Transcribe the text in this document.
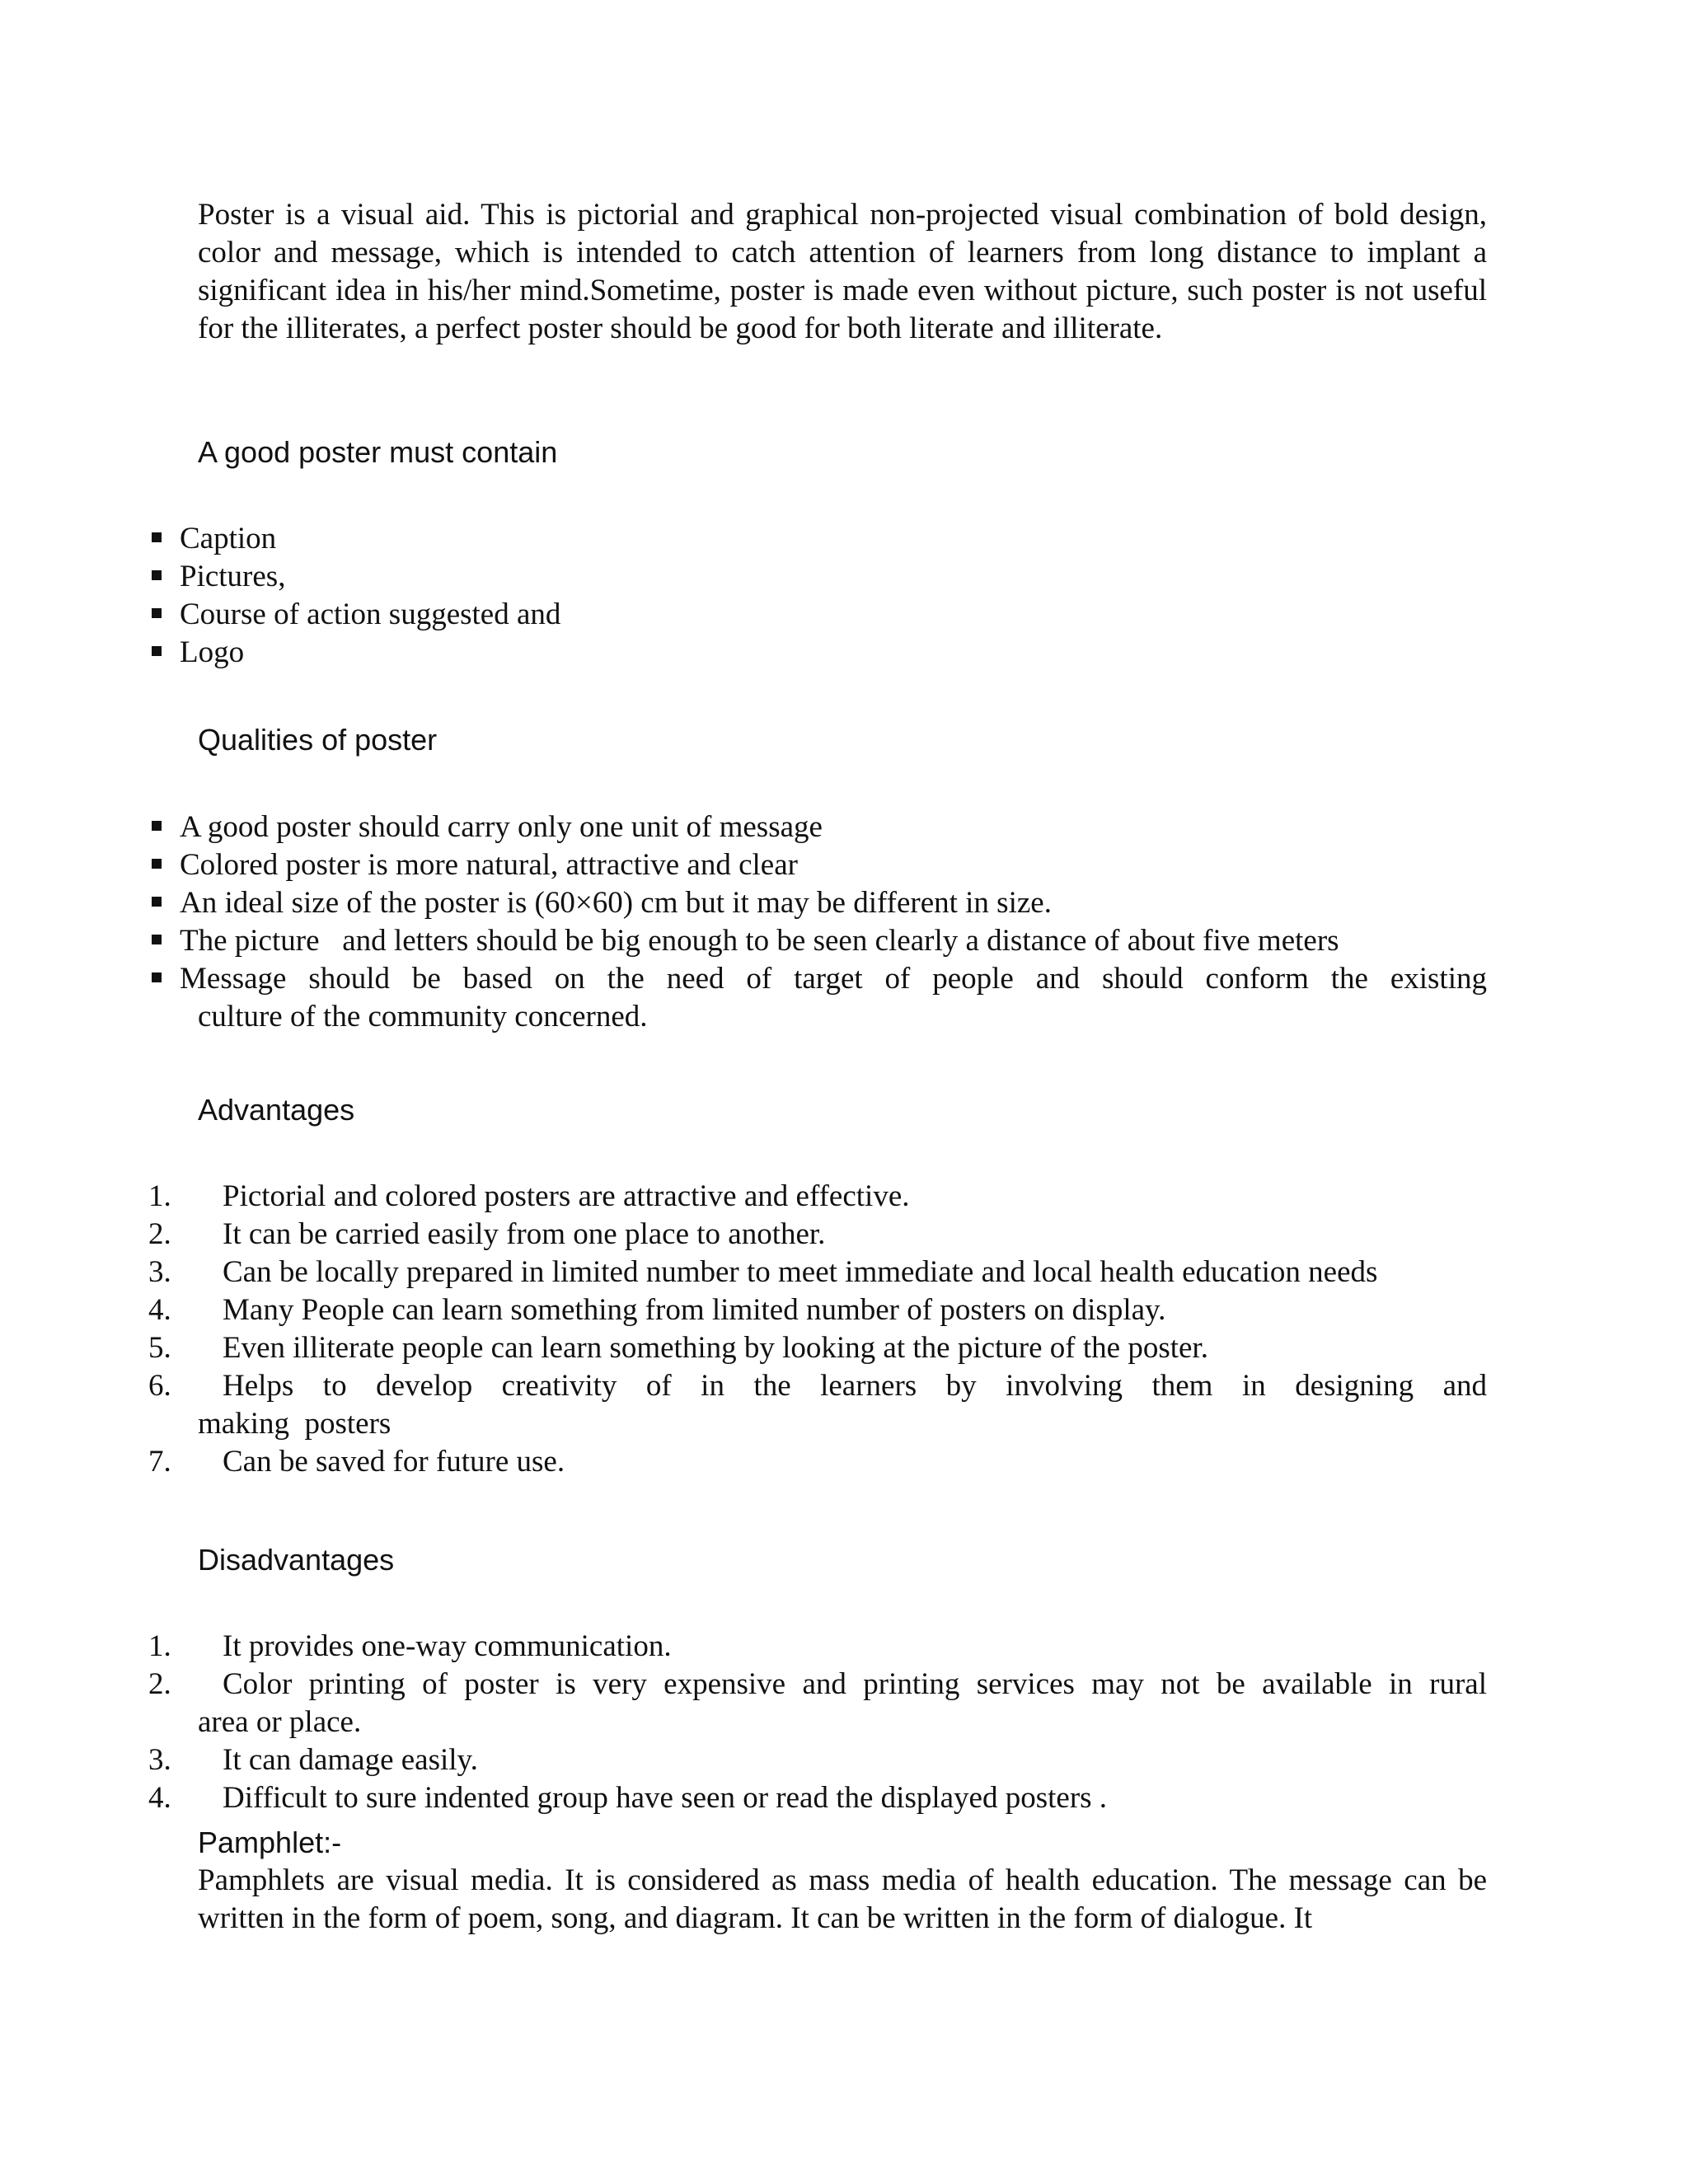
Poster is a visual aid. This is pictorial and graphical non-projected visual combination of bold design, color and message, which is intended to catch attention of learners from long distance to implant a significant idea in his/her mind.Sometime, poster is made even without picture, such poster is not useful for the illiterates, a perfect poster should be good for both literate and illiterate.

A good poster must contain
Caption
Pictures,
Course of action suggested and
Logo
Qualities of poster
A good poster should carry only one unit of message
Colored poster is more natural, attractive and clear
An ideal size of the poster is (60×60) cm but it may be different in size.
The picture   and letters should be big enough to be seen clearly a distance of about five meters
Message should be based on the need of target of people and should conform the existing
culture of the community concerned.
Advantages
1. Pictorial and colored posters are attractive and effective.
2. It can be carried easily from one place to another.
3. Can be locally prepared in limited number to meet immediate and local health education needs
4. Many People can learn something from limited number of posters on display.
5. Even illiterate people can learn something by looking at the picture of the poster.
6. Helps to develop creativity of in the learners by involving them in designing and
making  posters
7. Can be saved for future use.
Disadvantages
1. It provides one-way communication.
2. Color printing of poster is very expensive and printing services may not be available in rural
area or place.
3. It can damage easily.
4. Difficult to sure indented group have seen or read the displayed posters .
Pamphlet:-

Pamphlets are visual media. It is considered as mass media of health education. The message can be written in the form of poem, song, and diagram. It can be written in the form of dialogue. It
